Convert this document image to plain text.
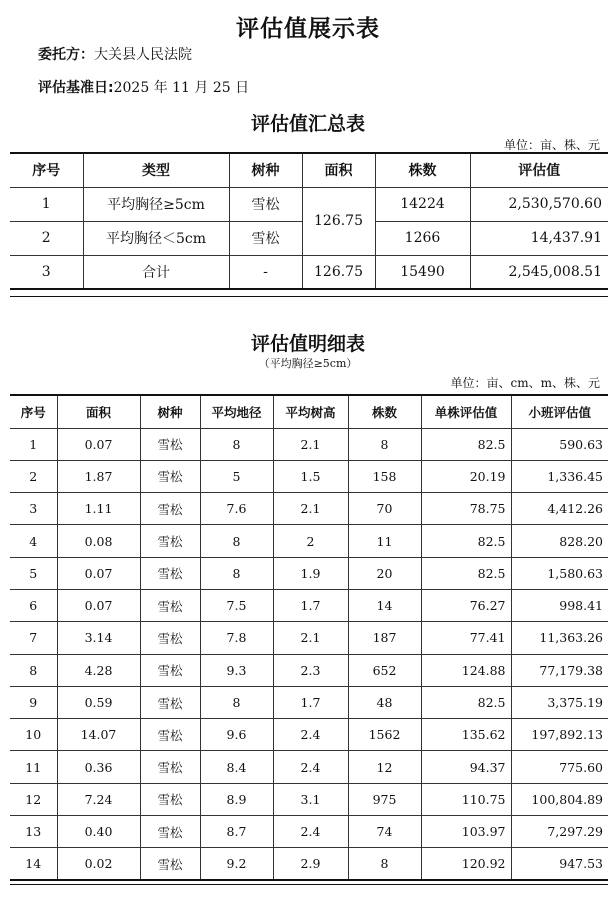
评估值展示表
委托方：大关县人民法院
评估基准日:2025 年 11 月 25 日
评估值汇总表
单位：亩、株、元
序号	类型	树种	面积	株数	评估值
1	平均胸径≥5cm	雪松	126.75	14224	2,530,570.60
2	平均胸径＜5cm	雪松		1266	14,437.91
3	合计	-	126.75	15490	2,545,008.51
评估值明细表
（平均胸径≥5cm）
单位：亩、cm、m、株、元
序号	面积	树种	平均地径	平均树高	株数	单株评估值	小班评估值
1	0.07	雪松	8	2.1	8	82.5	590.63
2	1.87	雪松	5	1.5	158	20.19	1,336.45
3	1.11	雪松	7.6	2.1	70	78.75	4,412.26
4	0.08	雪松	8	2	11	82.5	828.20
5	0.07	雪松	8	1.9	20	82.5	1,580.63
6	0.07	雪松	7.5	1.7	14	76.27	998.41
7	3.14	雪松	7.8	2.1	187	77.41	11,363.26
8	4.28	雪松	9.3	2.3	652	124.88	77,179.38
9	0.59	雪松	8	1.7	48	82.5	3,375.19
10	14.07	雪松	9.6	2.4	1562	135.62	197,892.13
11	0.36	雪松	8.4	2.4	12	94.37	775.60
12	7.24	雪松	8.9	3.1	975	110.75	100,804.89
13	0.40	雪松	8.7	2.4	74	103.97	7,297.29
14	0.02	雪松	9.2	2.9	8	120.92	947.53
